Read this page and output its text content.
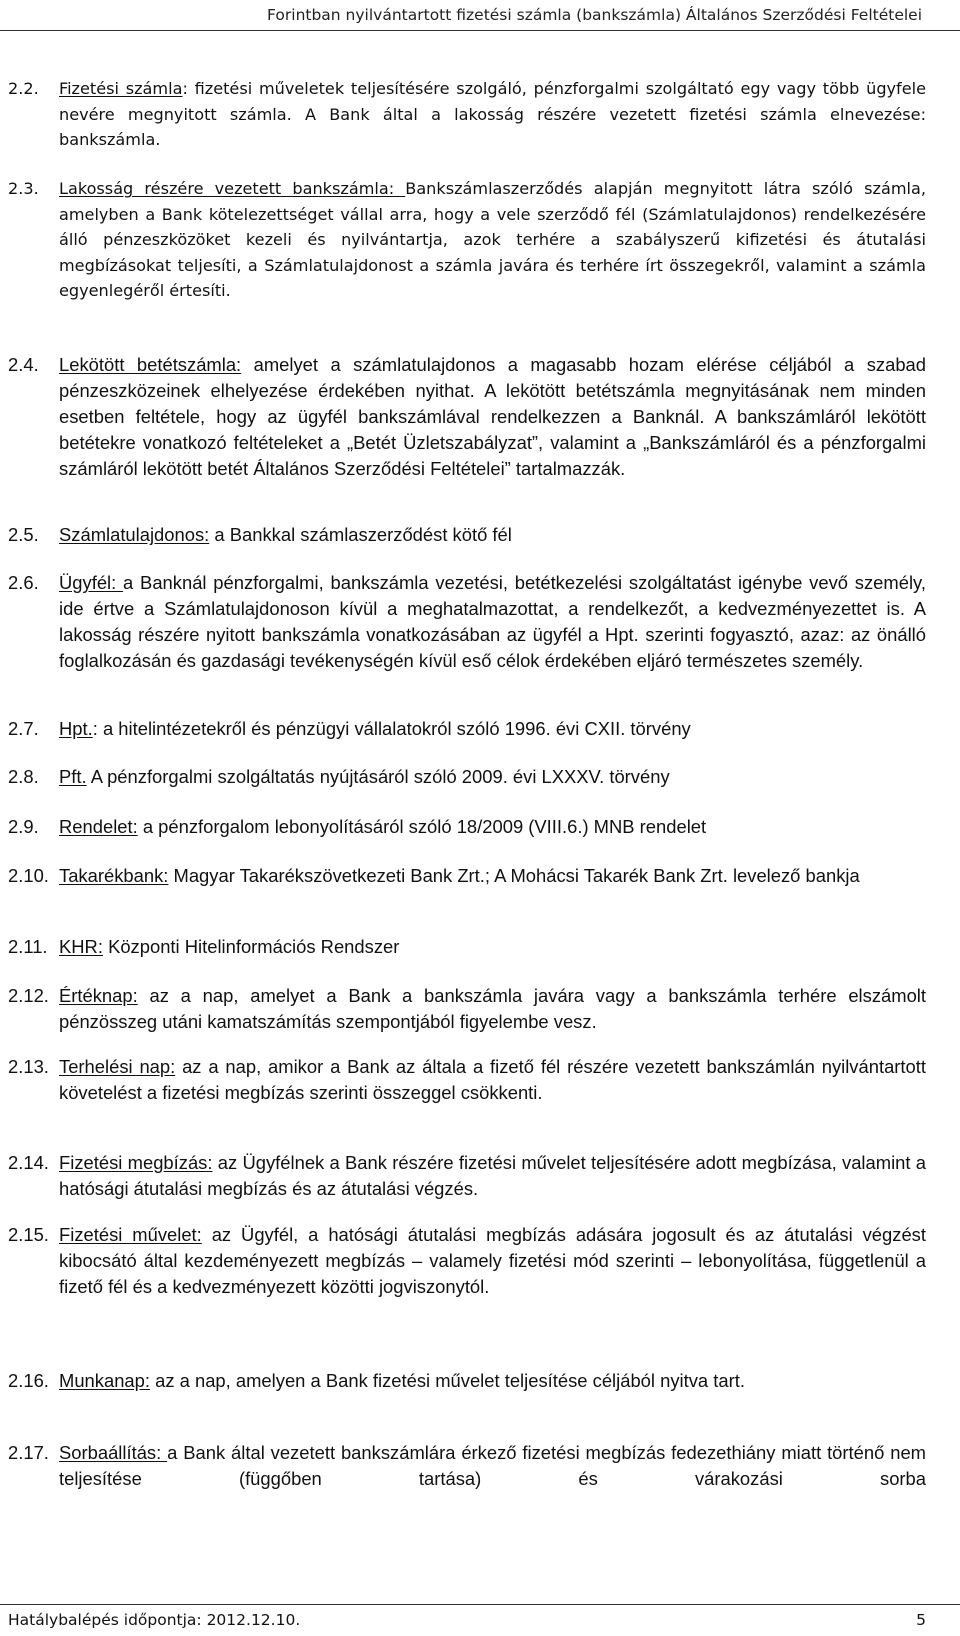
Forintban nyilvántartott fizetési számla (bankszámla) Általános Szerződési Feltételei
2.2.	Fizetési számla: fizetési műveletek teljesítésére szolgáló, pénzforgalmi szolgáltató egy vagy több ügyfele nevére megnyitott számla. A Bank által a lakosság részére vezetett fizetési számla elnevezése: bankszámla.
2.3.	Lakosság részére vezetett bankszámla: Bankszámlaszerződés alapján megnyitott látra szóló számla, amelyben a Bank kötelezettséget vállal arra, hogy a vele szerződő fél (Számlatulajdonos) rendelkezésére álló pénzeszközöket kezeli és nyilvántartja, azok terhére a szabályszerű kifizetési és átutalási megbízásokat teljesíti, a Számlatulajdonost a számla javára és terhére írt összegekről, valamint a számla egyenlegéről értesíti.
2.4.	Lekötött betétszámla: amelyet a számlatulajdonos a magasabb hozam elérése céljából a szabad pénzeszközeinek elhelyezése érdekében nyithat. A lekötött betétszámla megnyitásának nem minden esetben feltétele, hogy az ügyfél bankszámlával rendelkezzen a Banknál. A bankszámláról lekötött betétekre vonatkozó feltételeket a „Betét Üzletszabályzat”, valamint a „Bankszámláról és a pénzforgalmi számláról lekötött betét Általános Szerződési Feltételei” tartalmazzák.
2.5.	Számlatulajdonos: a Bankkal számlaszerződést kötő fél
2.6.	Ügyfél: a Banknál pénzforgalmi, bankszámla vezetési, betétkezelési szolgáltatást igénybe vevő személy, ide értve a Számlatulajdonoson kívül a meghatalmazottat, a rendelkezőt, a kedvezményezettet is. A lakosság részére nyitott bankszámla vonatkozásában az ügyfél a Hpt. szerinti fogyasztó, azaz: az önálló foglalkozásán és gazdasági tevékenységén kívül eső célok érdekében eljáró természetes személy.
2.7.	Hpt.: a hitelintézetekről és pénzügyi vállalatokról szóló 1996. évi CXII. törvény
2.8.	Pft. A pénzforgalmi szolgáltatás nyújtásáról szóló 2009. évi LXXXV. törvény
2.9.	Rendelet: a pénzforgalom lebonyolításáról szóló 18/2009 (VIII.6.) MNB rendelet
2.10. Takarékbank: Magyar Takarékszövetkezeti Bank Zrt.; A Mohácsi Takarék Bank Zrt. levelező bankja
2.11. KHR: Központi Hitelinformációs Rendszer
2.12. Értéknap: az a nap, amelyet a Bank a bankszámla javára vagy a bankszámla terhére elszámolt pénzösszeg utáni kamatszámítás szempontjából figyelembe vesz.
2.13. Terhelési nap: az a nap, amikor a Bank az általa a fizető fél részére vezetett bankszámlán nyilvántartott követelést a fizetési megbízás szerinti összeggel csökkenti.
2.14. Fizetési megbízás: az Ügyfélnek a Bank részére fizetési művelet teljesítésére adott megbízása, valamint a hatósági átutalási megbízás és az átutalási végzés.
2.15. Fizetési művelet: az Ügyfél, a hatósági átutalási megbízás adására jogosult és az átutalási végzést kibocsátó által kezdeményezett megbízás – valamely fizetési mód szerinti – lebonyolítása, függetlenül a fizető fél és a kedvezményezett közötti jogviszonytól.
2.16. Munkanap: az a nap, amelyen a Bank fizetési művelet teljesítése céljából nyitva tart.
2.17. Sorbaállítás: a Bank által vezetett bankszámlára érkező fizetési megbízás fedezethiány miatt történő nem teljesítése (függőben tartása) és várakozási sorba
Hatálybalépés időpontja: 2012.12.10.	5
